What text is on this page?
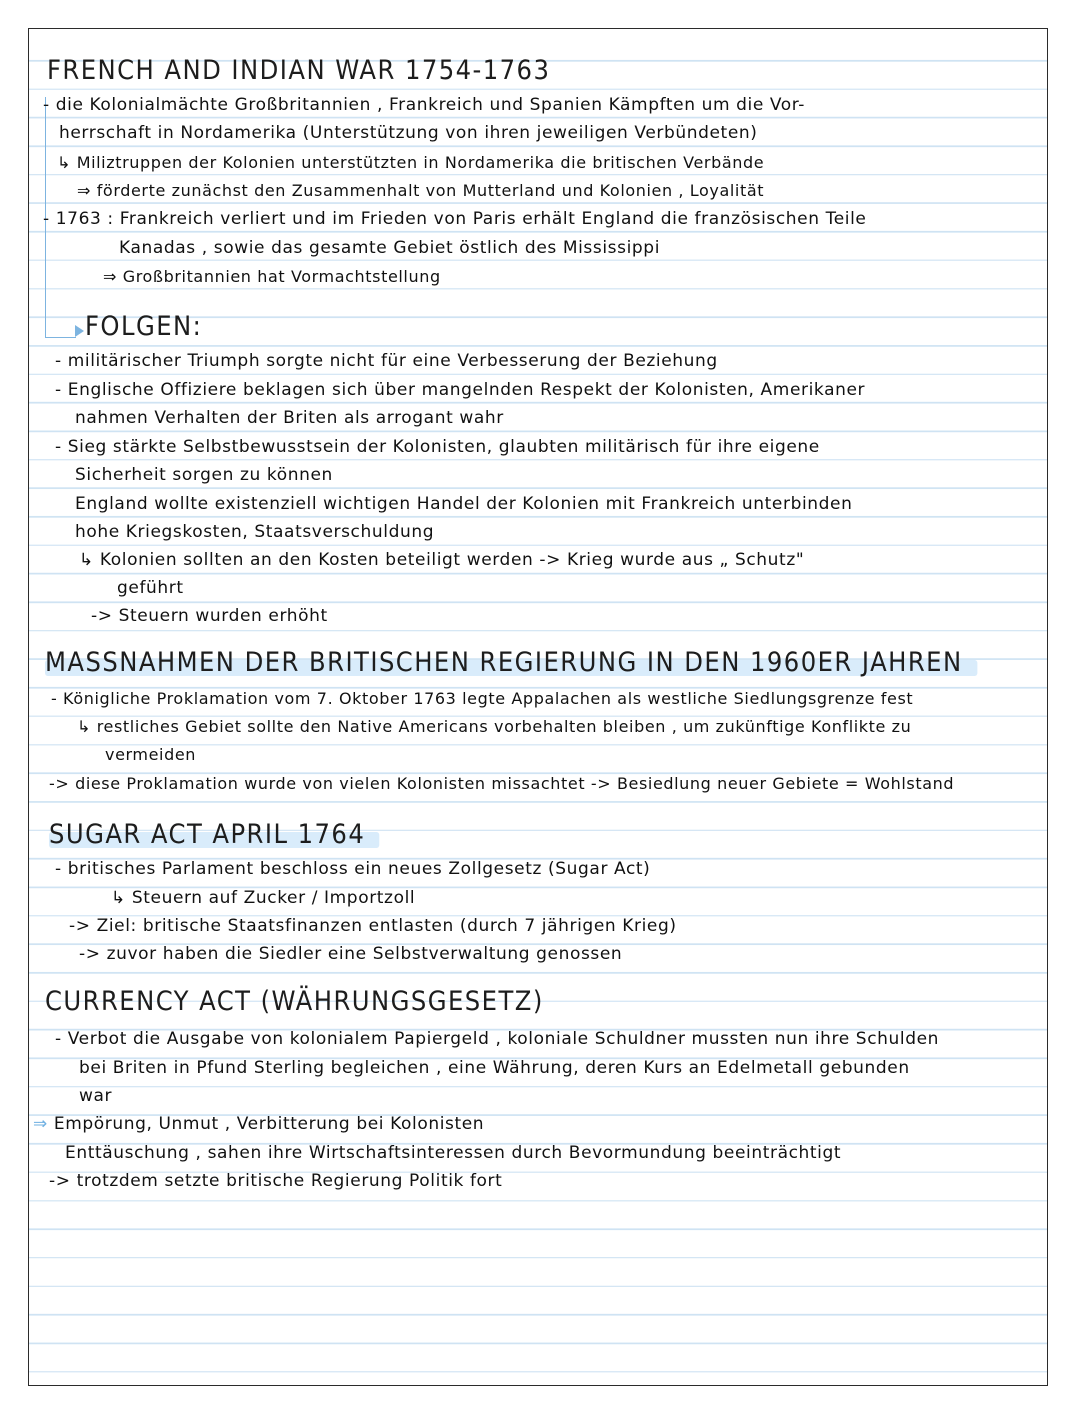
FRENCH AND INDIAN WAR 1754-1763
- die Kolonialmächte Großbritannien , Frankreich und Spanien Kämpften um die Vor-
herrschaft in Nordamerika (Unterstützung von ihren jeweiligen Verbündeten)
↳ Miliztruppen der Kolonien unterstützten in Nordamerika die britischen Verbände
⇒ förderte zunächst den Zusammenhalt von Mutterland und Kolonien , Loyalität
- 1763 : Frankreich verliert und im Frieden von Paris erhält England die französischen Teile
Kanadas , sowie das gesamte Gebiet östlich des Mississippi
⇒ Großbritannien hat Vormachtstellung
FOLGEN:
- militärischer Triumph sorgte nicht für eine Verbesserung der Beziehung
- Englische Offiziere beklagen sich über mangelnden Respekt der Kolonisten, Amerikaner
nahmen Verhalten der Briten als arrogant wahr
- Sieg stärkte Selbstbewusstsein der Kolonisten, glaubten militärisch für ihre eigene
Sicherheit sorgen zu können
England wollte existenziell wichtigen Handel der Kolonien mit Frankreich unterbinden
hohe Kriegskosten, Staatsverschuldung
↳ Kolonien sollten an den Kosten beteiligt werden -> Krieg wurde aus „ Schutz"
geführt
-> Steuern wurden erhöht
MASSNAHMEN DER BRITISCHEN REGIERUNG IN DEN 1960ER JAHREN
- Königliche Proklamation vom 7. Oktober 1763 legte Appalachen als westliche Siedlungsgrenze fest
↳ restliches Gebiet sollte den Native Americans vorbehalten bleiben , um zukünftige Konflikte zu
vermeiden
-> diese Proklamation wurde von vielen Kolonisten missachtet -> Besiedlung neuer Gebiete = Wohlstand
SUGAR ACT APRIL 1764
- britisches Parlament beschloss ein neues Zollgesetz (Sugar Act)
↳ Steuern auf Zucker / Importzoll
-> Ziel: britische Staatsfinanzen entlasten (durch 7 jährigen Krieg)
-> zuvor haben die Siedler eine Selbstverwaltung genossen
CURRENCY ACT (WÄHRUNGSGESETZ)
- Verbot die Ausgabe von kolonialem Papiergeld , koloniale Schuldner mussten nun ihre Schulden
bei Briten in Pfund Sterling begleichen , eine Währung, deren Kurs an Edelmetall gebunden
war
⇒ Empörung, Unmut , Verbitterung bei Kolonisten
Enttäuschung , sahen ihre Wirtschaftsinteressen durch Bevormundung beeinträchtigt
-> trotzdem setzte britische Regierung Politik fort
